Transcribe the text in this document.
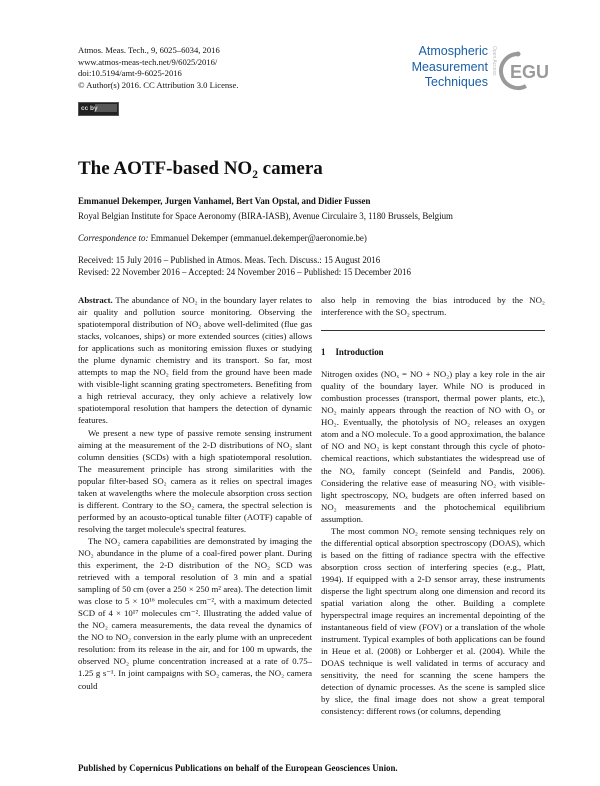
Atmos. Meas. Tech., 9, 6025–6034, 2016
www.atmos-meas-tech.net/9/6025/2016/
doi:10.5194/amt-9-6025-2016
© Author(s) 2016. CC Attribution 3.0 License.
cc by
Atmospheric
Measurement
Techniques
Open Access EGU
The AOTF-based NO₂ camera
Emmanuel Dekemper, Jurgen Vanhamel, Bert Van Opstal, and Didier Fussen
Royal Belgian Institute for Space Aeronomy (BIRA-IASB), Avenue Circulaire 3, 1180 Brussels, Belgium
Correspondence to: Emmanuel Dekemper (emmanuel.dekemper@aeronomie.be)
Received: 15 July 2016 – Published in Atmos. Meas. Tech. Discuss.: 15 August 2016
Revised: 22 November 2016 – Accepted: 24 November 2016 – Published: 15 December 2016

Abstract. The abundance of NO₂ in the boundary layer relates to air quality and pollution source monitoring. Observing the spatiotemporal distribution of NO₂ above well-delimited (flue gas stacks, volcanoes, ships) or more extended sources (cities) allows for applications such as monitoring emission fluxes or studying the plume dynamic chemistry and its transport. So far, most attempts to map the NO₂ field from the ground have been made with visible-light scanning grating spectrometers. Benefiting from a high retrieval accuracy, they only achieve a relatively low spatiotemporal resolution that hampers the detection of dynamic features.

We present a new type of passive remote sensing instrument aiming at the measurement of the 2-D distributions of NO₂ slant column densities (SCDs) with a high spatiotemporal resolution. The measurement principle has strong similarities with the popular filter-based SO₂ camera as it relies on spectral images taken at wavelengths where the molecule absorption cross section is different. Contrary to the SO₂ camera, the spectral selection is performed by an acousto-optical tunable filter (AOTF) capable of resolving the target molecule's spectral features.

The NO₂ camera capabilities are demonstrated by imaging the NO₂ abundance in the plume of a coal-fired power plant. During this experiment, the 2-D distribution of the NO₂ SCD was retrieved with a temporal resolution of 3 min and a spatial sampling of 50 cm (over a 250 × 250 m² area). The detection limit was close to 5 × 10¹⁶ molecules cm⁻², with a maximum detected SCD of 4 × 10¹⁷ molecules cm⁻². Illustrating the added value of the NO₂ camera measurements, the data reveal the dynamics of the NO to NO₂ conversion in the early plume with an unprecedent resolution: from its release in the air, and for 100 m upwards, the observed NO₂ plume concentration increased at a rate of 0.75–1.25 g s⁻¹. In joint campaigns with SO₂ cameras, the NO₂ camera could

also help in removing the bias introduced by the NO₂ interference with the SO₂ spectrum.

1 Introduction

Nitrogen oxides (NOₓ = NO + NO₂) play a key role in the air quality of the boundary layer. While NO is produced in combustion processes (transport, thermal power plants, etc.), NO₂ mainly appears through the reaction of NO with O₃ or HO₂. Eventually, the photolysis of NO₂ releases an oxygen atom and a NO molecule. To a good approximation, the balance of NO and NO₂ is kept constant through this cycle of photo-chemical reactions, which substantiates the widespread use of the NOₓ family concept (Seinfeld and Pandis, 2006). Considering the relative ease of measuring NO₂ with visible-light spectroscopy, NOₓ budgets are often inferred based on NO₂ measurements and the photochemical equilibrium assumption.

The most common NO₂ remote sensing techniques rely on the differential optical absorption spectroscopy (DOAS), which is based on the fitting of radiance spectra with the effective absorption cross section of interfering species (e.g., Platt, 1994). If equipped with a 2-D sensor array, these instruments disperse the light spectrum along one dimension and record its spatial variation along the other. Building a complete hyperspectral image requires an incremental depointing of the instantaneous field of view (FOV) or a translation of the whole instrument. Typical examples of both applications can be found in Heue et al. (2008) or Lohberger et al. (2004). While the DOAS technique is well validated in terms of accuracy and sensitivity, the need for scanning the scene hampers the detection of dynamic processes. As the scene is sampled slice by slice, the final image does not show a great temporal consistency: different rows (or columns, depending

Published by Copernicus Publications on behalf of the European Geosciences Union.
